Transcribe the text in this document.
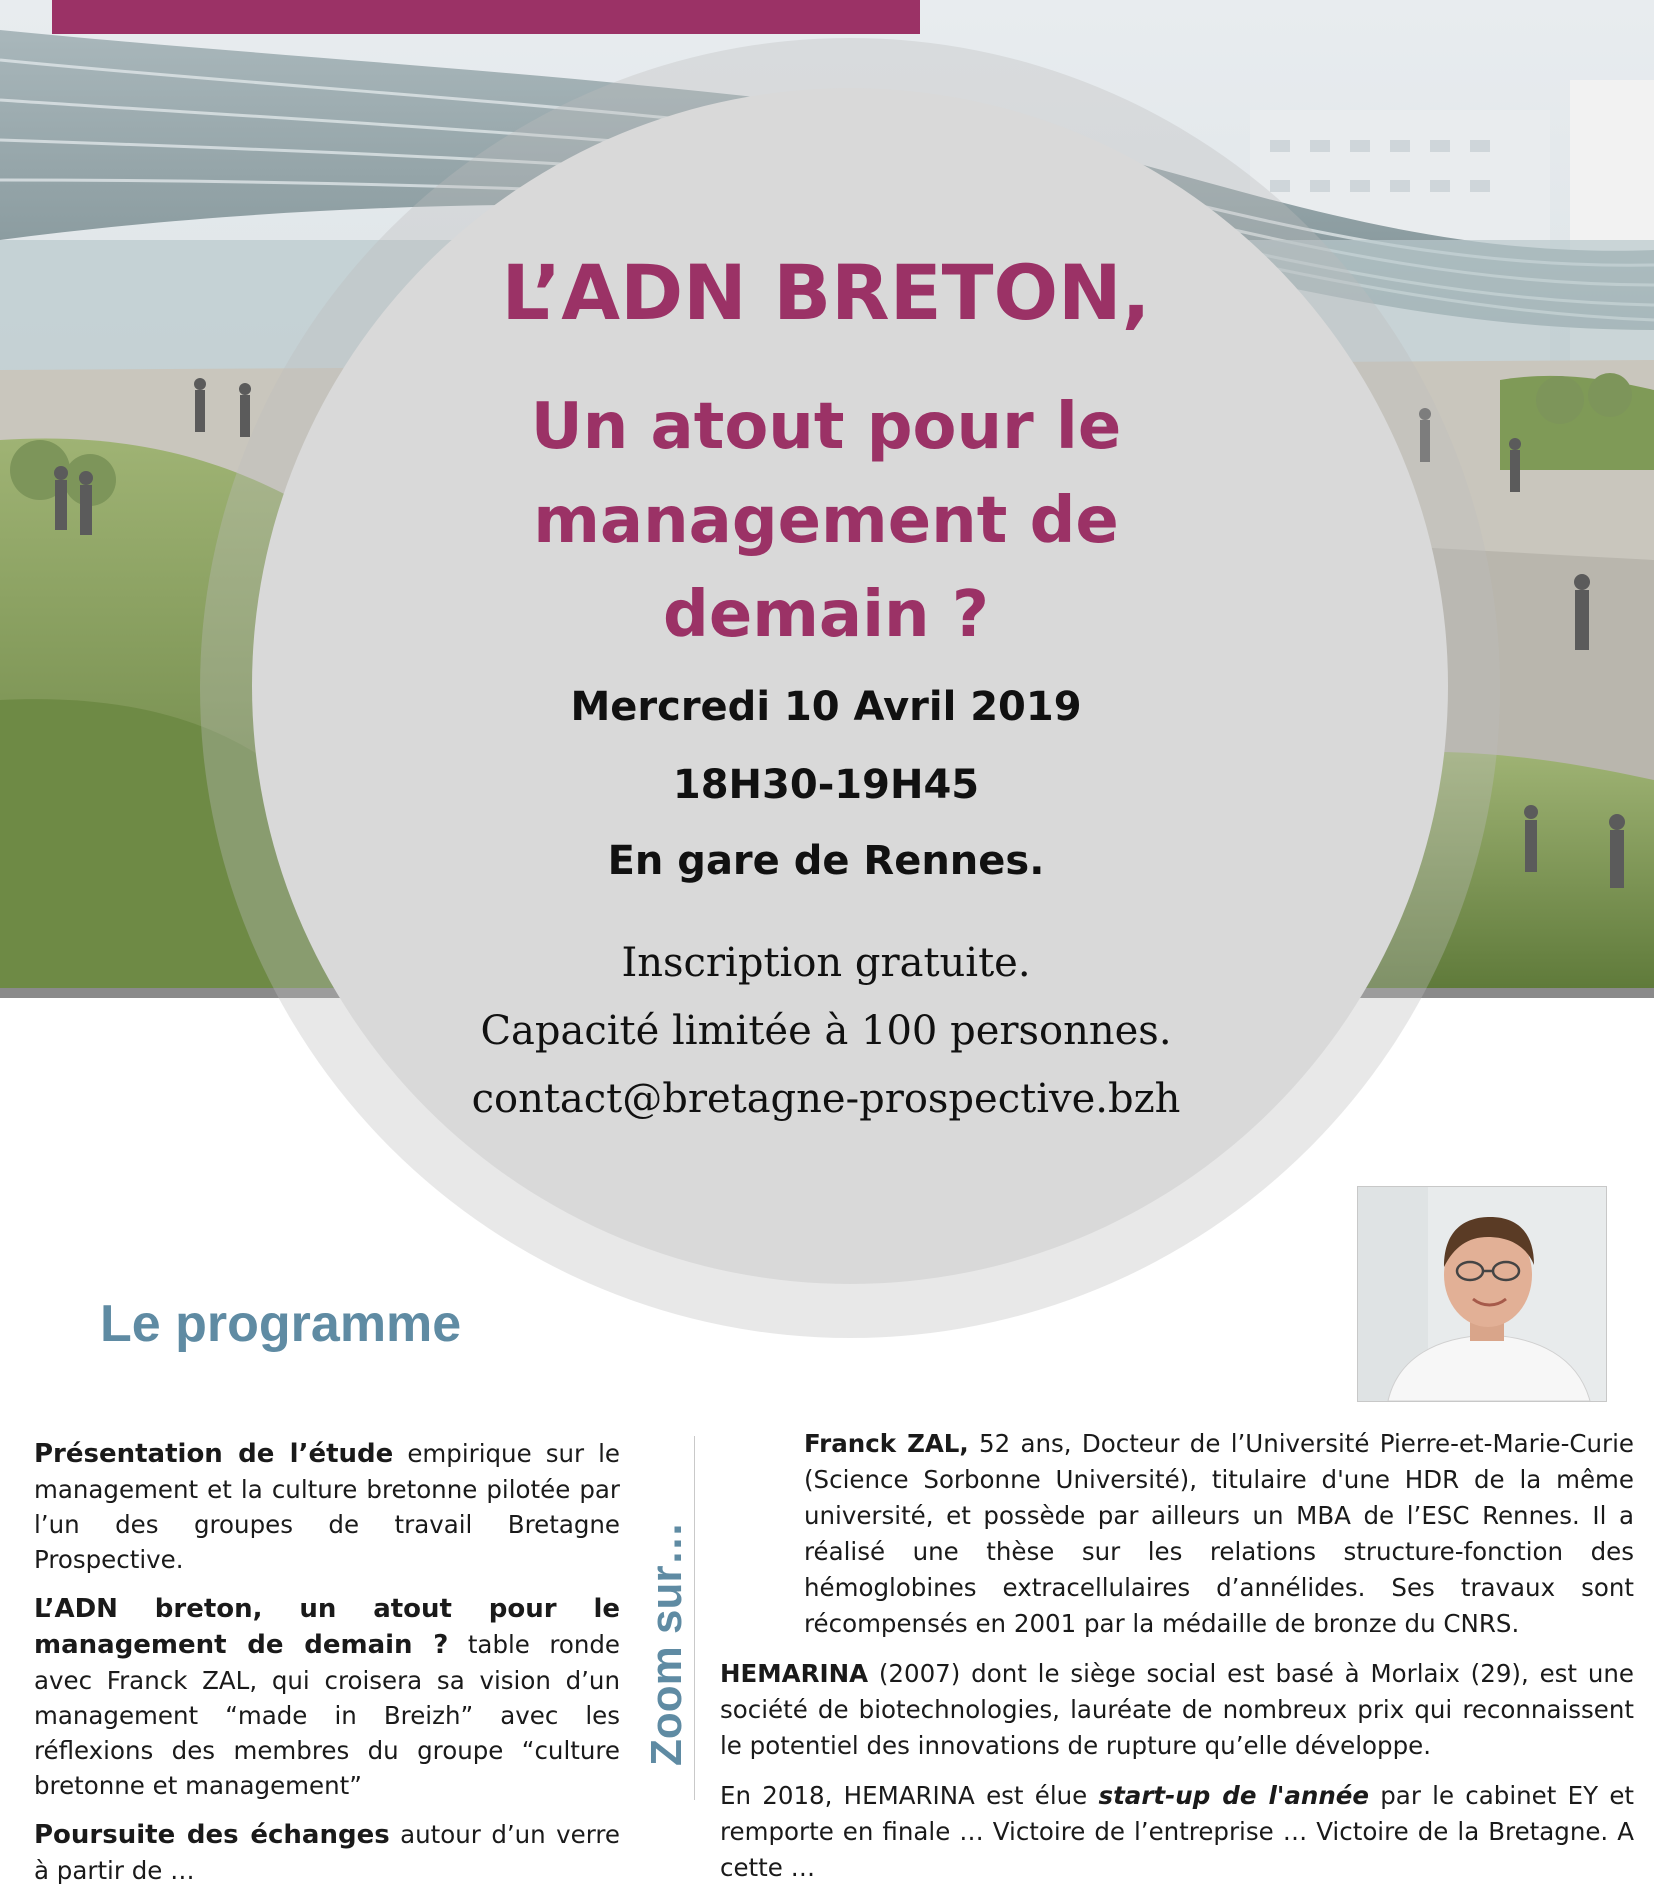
L’ADN BRETON,
Un atout pour le
management de
demain ?
Mercredi 10 Avril 2019
18H30-19H45
En gare de Rennes.
Inscription gratuite.
Capacité limitée à 100 personnes.
contact@bretagne-prospective.bzh
Le programme

Présentation de l’étude empirique sur le management et la culture bretonne pilotée par l’un des groupes de travail Bretagne Prospective.

L’ADN breton, un atout pour le management de demain ? table ronde avec Franck ZAL, qui croisera sa vision d’un management “made in Breizh” avec les réflexions des membres du groupe “culture bretonne et management”

Poursuite des échanges autour d’un verre à partir de …

Zoom sur…

Franck ZAL, 52 ans, Docteur de l’Université Pierre-et-Marie-Curie (Science Sorbonne Université), titulaire d'une HDR de la même université, et possède par ailleurs un MBA de l’ESC Rennes. Il a réalisé une thèse sur les relations structure-fonction des hémoglobines extracellulaires d’annélides. Ses travaux sont récompensés en 2001 par la médaille de bronze du CNRS.

HEMARINA (2007) dont le siège social est basé à Morlaix (29), est une société de biotechnologies, lauréate de nombreux prix qui reconnaissent le potentiel des innovations de rupture qu’elle développe.

En 2018, HEMARINA est élue start-up de l'année par le cabinet EY et remporte en finale … Victoire de l’entreprise … Victoire de la Bretagne. A cette …
